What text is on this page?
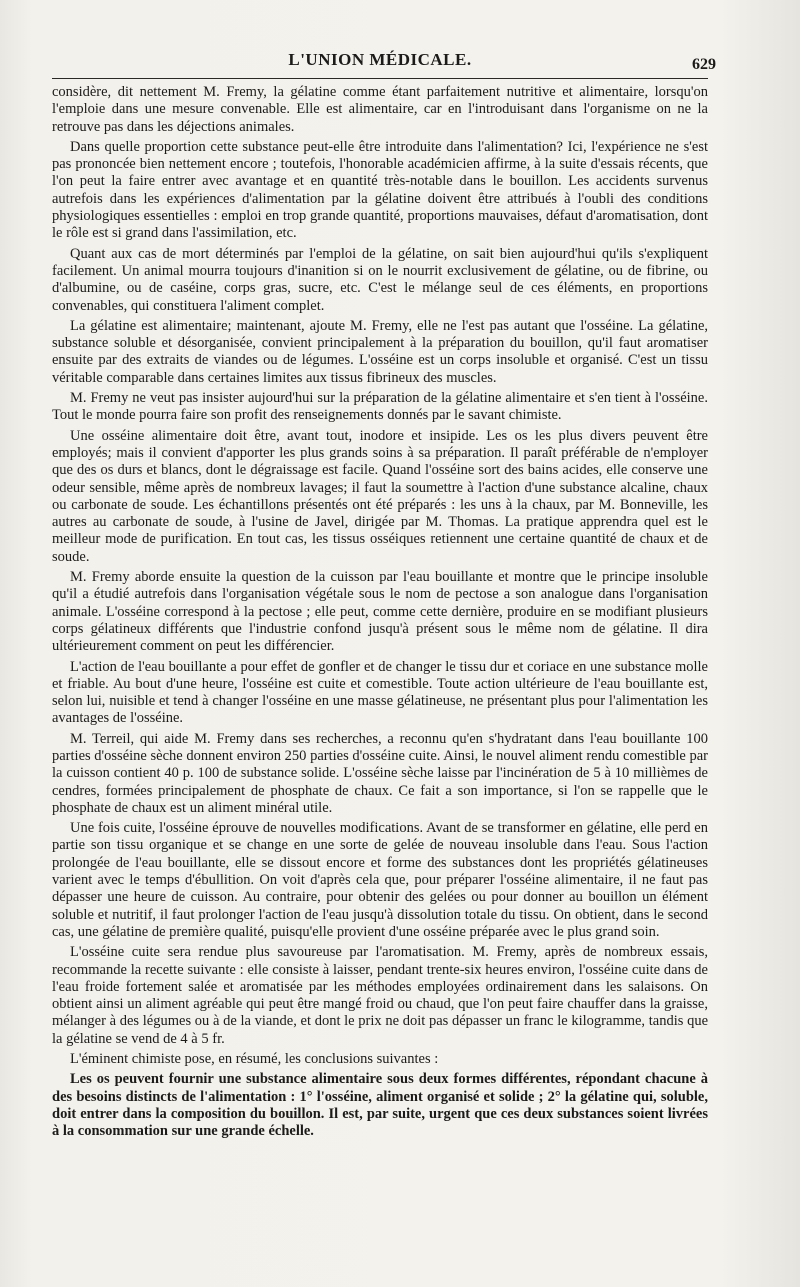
L'UNION MÉDICALE.	629

considère, dit nettement M. Fremy, la gélatine comme étant parfaitement nutritive et alimentaire, lorsqu'on l'emploie dans une mesure convenable. Elle est alimentaire, car en l'introduisant dans l'organisme on ne la retrouve pas dans les déjections animales.

Dans quelle proportion cette substance peut-elle être introduite dans l'alimentation? Ici, l'expérience ne s'est pas prononcée bien nettement encore ; toutefois, l'honorable académicien affirme, à la suite d'essais récents, que l'on peut la faire entrer avec avantage et en quantité très-notable dans le bouillon. Les accidents survenus autrefois dans les expériences d'alimentation par la gélatine doivent être attribués à l'oubli des conditions physiologiques essentielles : emploi en trop grande quantité, proportions mauvaises, défaut d'aromatisation, dont le rôle est si grand dans l'assimilation, etc.

Quant aux cas de mort déterminés par l'emploi de la gélatine, on sait bien aujourd'hui qu'ils s'expliquent facilement. Un animal mourra toujours d'inanition si on le nourrit exclusivement de gélatine, ou de fibrine, ou d'albumine, ou de caséine, corps gras, sucre, etc. C'est le mélange seul de ces éléments, en proportions convenables, qui constituera l'aliment complet.

La gélatine est alimentaire; maintenant, ajoute M. Fremy, elle ne l'est pas autant que l'osséine. La gélatine, substance soluble et désorganisée, convient principalement à la préparation du bouillon, qu'il faut aromatiser ensuite par des extraits de viandes ou de légumes. L'osséine est un corps insoluble et organisé. C'est un tissu véritable comparable dans certaines limites aux tissus fibrineux des muscles.

M. Fremy ne veut pas insister aujourd'hui sur la préparation de la gélatine alimentaire et s'en tient à l'osséine. Tout le monde pourra faire son profit des renseignements donnés par le savant chimiste.

Une osséine alimentaire doit être, avant tout, inodore et insipide. Les os les plus divers peuvent être employés; mais il convient d'apporter les plus grands soins à sa préparation. Il paraît préférable de n'employer que des os durs et blancs, dont le dégraissage est facile. Quand l'osséine sort des bains acides, elle conserve une odeur sensible, même après de nombreux lavages; il faut la soumettre à l'action d'une substance alcaline, chaux ou carbonate de soude. Les échantillons présentés ont été préparés : les uns à la chaux, par M. Bonneville, les autres au carbonate de soude, à l'usine de Javel, dirigée par M. Thomas. La pratique apprendra quel est le meilleur mode de purification. En tout cas, les tissus osséiques retiennent une certaine quantité de chaux et de soude.

M. Fremy aborde ensuite la question de la cuisson par l'eau bouillante et montre que le principe insoluble qu'il a étudié autrefois dans l'organisation végétale sous le nom de pectose a son analogue dans l'organisation animale. L'osséine correspond à la pectose ; elle peut, comme cette dernière, produire en se modifiant plusieurs corps gélatineux différents que l'industrie confond jusqu'à présent sous le même nom de gélatine. Il dira ultérieurement comment on peut les différencier.

L'action de l'eau bouillante a pour effet de gonfler et de changer le tissu dur et coriace en une substance molle et friable. Au bout d'une heure, l'osséine est cuite et comestible. Toute action ultérieure de l'eau bouillante est, selon lui, nuisible et tend à changer l'osséine en une masse gélatineuse, ne présentant plus pour l'alimentation les avantages de l'osséine.

M. Terreil, qui aide M. Fremy dans ses recherches, a reconnu qu'en s'hydratant dans l'eau bouillante 100 parties d'osséine sèche donnent environ 250 parties d'osséine cuite. Ainsi, le nouvel aliment rendu comestible par la cuisson contient 40 p. 100 de substance solide. L'osséine sèche laisse par l'incinération de 5 à 10 millièmes de cendres, formées principalement de phosphate de chaux. Ce fait a son importance, si l'on se rappelle que le phosphate de chaux est un aliment minéral utile.

Une fois cuite, l'osséine éprouve de nouvelles modifications. Avant de se transformer en gélatine, elle perd en partie son tissu organique et se change en une sorte de gelée de nouveau insoluble dans l'eau. Sous l'action prolongée de l'eau bouillante, elle se dissout encore et forme des substances dont les propriétés gélatineuses varient avec le temps d'ébullition. On voit d'après cela que, pour préparer l'osséine alimentaire, il ne faut pas dépasser une heure de cuisson. Au contraire, pour obtenir des gelées ou pour donner au bouillon un élément soluble et nutritif, il faut prolonger l'action de l'eau jusqu'à dissolution totale du tissu. On obtient, dans le second cas, une gélatine de première qualité, puisqu'elle provient d'une osséine préparée avec le plus grand soin.

L'osséine cuite sera rendue plus savoureuse par l'aromatisation. M. Fremy, après de nombreux essais, recommande la recette suivante : elle consiste à laisser, pendant trente-six heures environ, l'osséine cuite dans de l'eau froide fortement salée et aromatisée par les méthodes employées ordinairement dans les salaisons. On obtient ainsi un aliment agréable qui peut être mangé froid ou chaud, que l'on peut faire chauffer dans la graisse, mélanger à des légumes ou à de la viande, et dont le prix ne doit pas dépasser un franc le kilogramme, tandis que la gélatine se vend de 4 à 5 fr.

L'éminent chimiste pose, en résumé, les conclusions suivantes :

Les os peuvent fournir une substance alimentaire sous deux formes différentes, répondant chacune à des besoins distincts de l'alimentation : 1° l'osséine, aliment organisé et solide ; 2° la gélatine qui, soluble, doit entrer dans la composition du bouillon. Il est, par suite, urgent que ces deux substances soient livrées à la consommation sur une grande échelle.
